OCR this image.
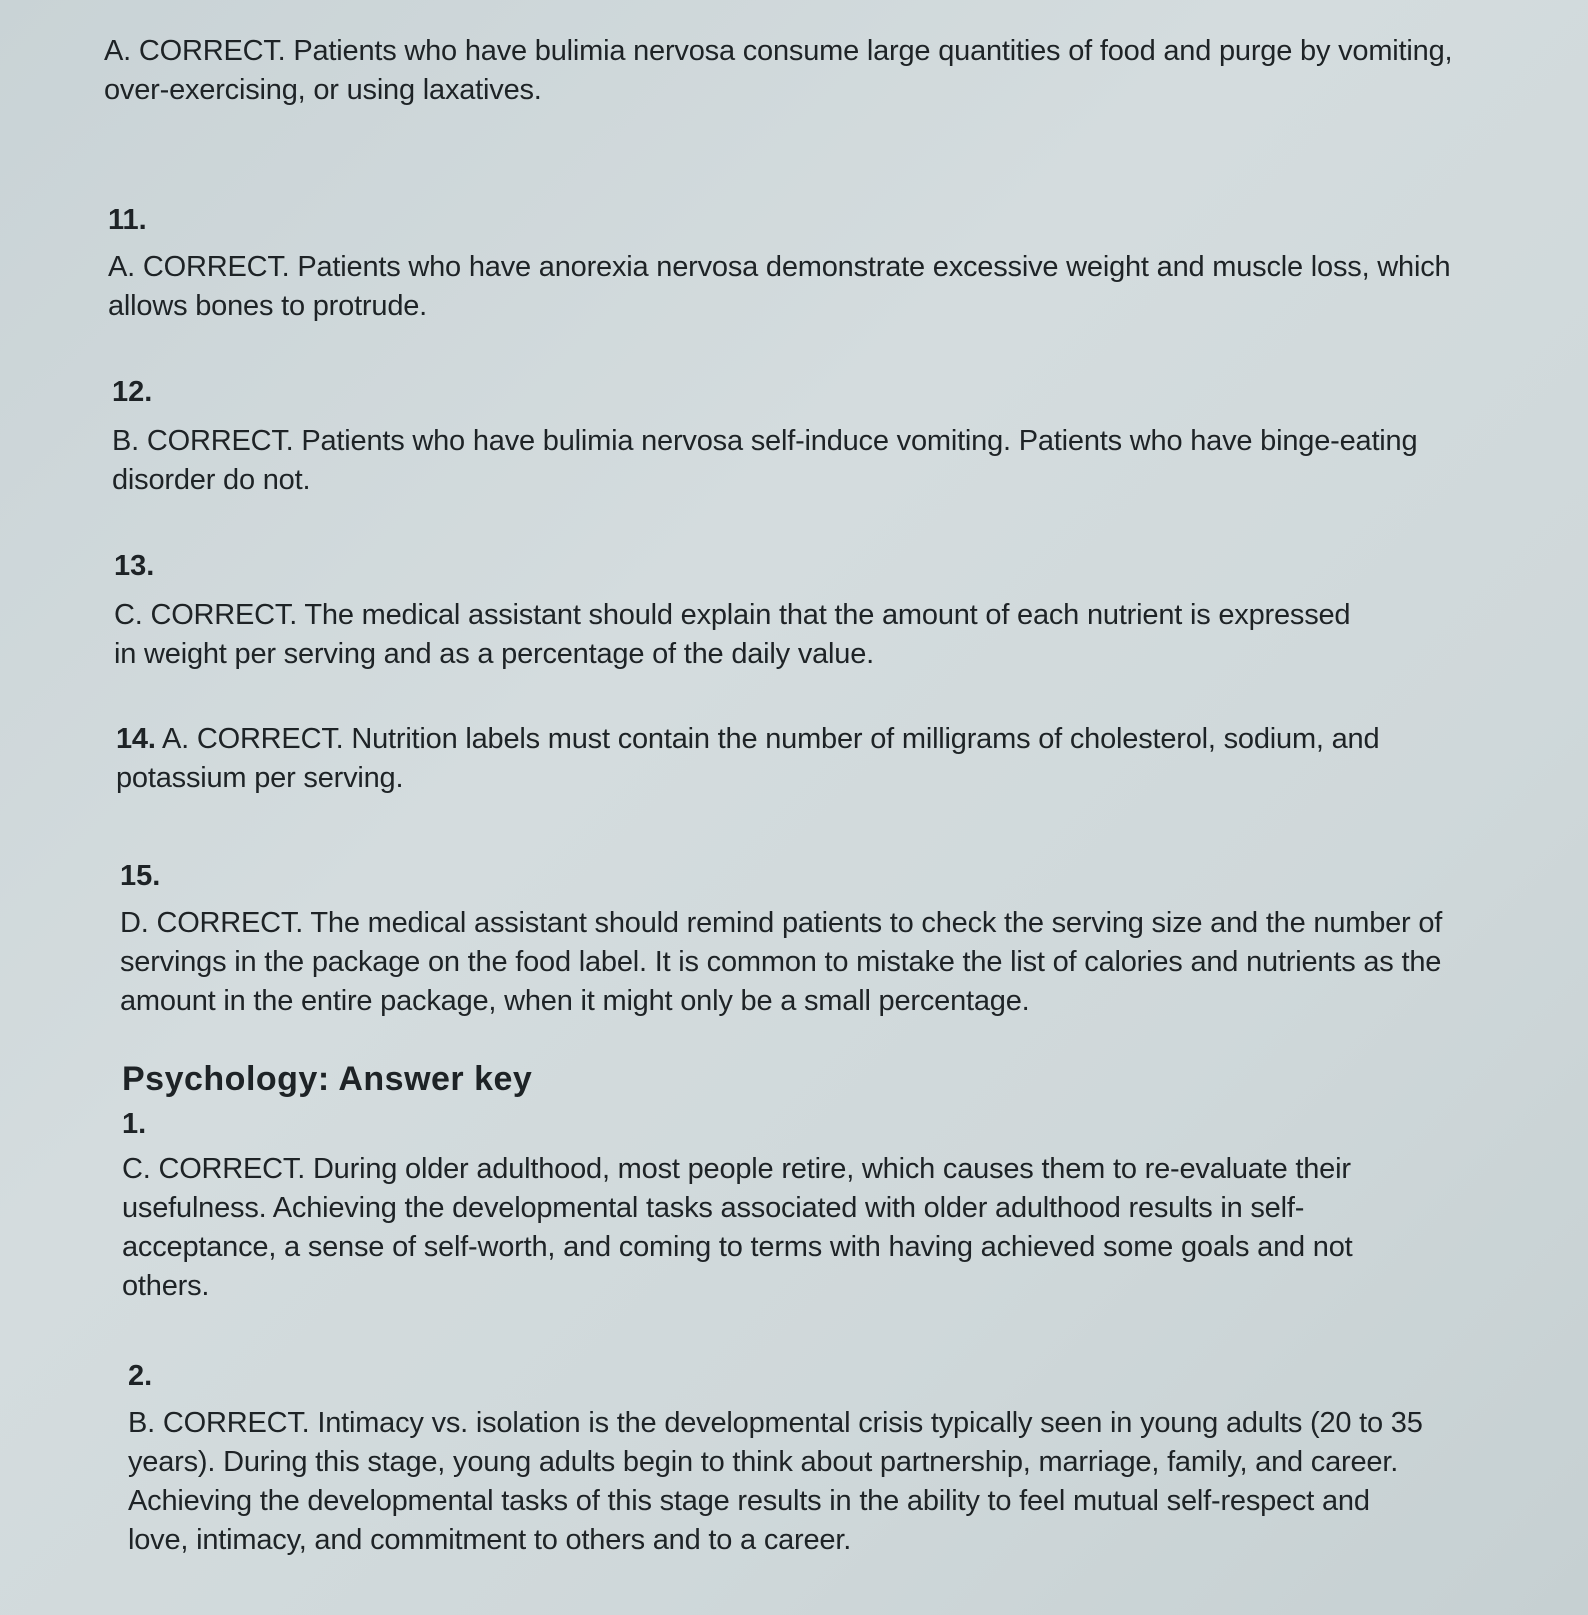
A. CORRECT. Patients who have bulimia nervosa consume large quantities of food and purge by vomiting, over-exercising, or using laxatives.

11.

A. CORRECT. Patients who have anorexia nervosa demonstrate excessive weight and muscle loss, which allows bones to protrude.

12.

B. CORRECT. Patients who have bulimia nervosa self-induce vomiting. Patients who have binge-eating disorder do not.

13.

C. CORRECT. The medical assistant should explain that the amount of each nutrient is expressed in weight per serving and as a percentage of the daily value.

14. A. CORRECT. Nutrition labels must contain the number of milligrams of cholesterol, sodium, and potassium per serving.

15.

D. CORRECT. The medical assistant should remind patients to check the serving size and the number of servings in the package on the food label. It is common to mistake the list of calories and nutrients as the amount in the entire package, when it might only be a small percentage.

Psychology: Answer key

1.

C. CORRECT. During older adulthood, most people retire, which causes them to re-evaluate their usefulness. Achieving the developmental tasks associated with older adulthood results in self-acceptance, a sense of self-worth, and coming to terms with having achieved some goals and not others.

2.

B. CORRECT. Intimacy vs. isolation is the developmental crisis typically seen in young adults (20 to 35 years). During this stage, young adults begin to think about partnership, marriage, family, and career. Achieving the developmental tasks of this stage results in the ability to feel mutual self-respect and love, intimacy, and commitment to others and to a career.
